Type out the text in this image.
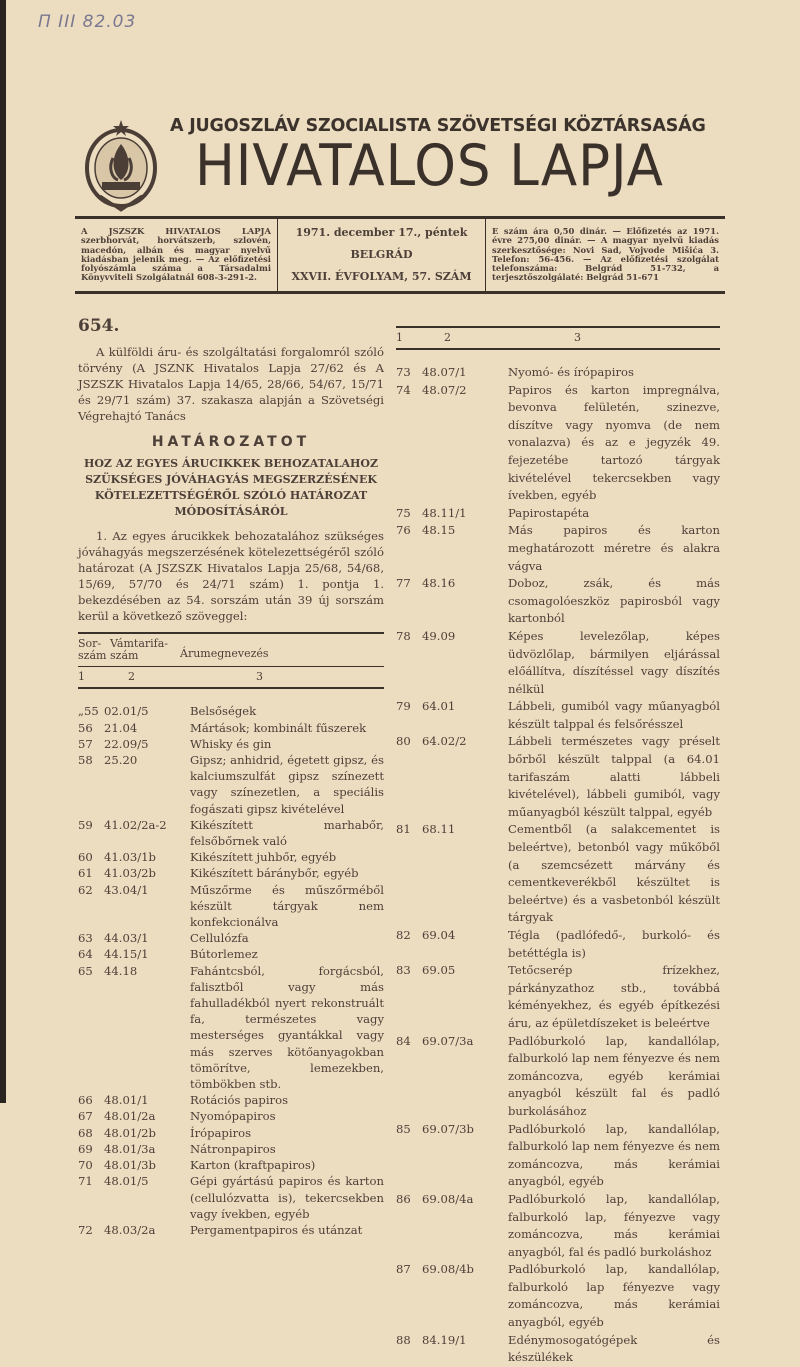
Π III 82.03
A JUGOSZLÁV SZOCIALISTA SZÖVETSÉGI KÖZTÁRSASÁG
HIVATALOS LAPJA
A JSZSZK HIVATALOS LAPJA szerbhorvát, horvátszerb, szlovén, macedón, albán és magyar nyelvű kiadásban jelenik meg. — Az előfizetési folyószámla száma a Társadalmi Könyvviteli Szolgálatnál 608-3-291-2.
1971. december 17., péntek
BELGRÁD
XXVII. ÉVFOLYAM, 57. SZÁM
E szám ára 0,50 dinár. — Előfizetés az 1971. évre 275,00 dinár. — A magyar nyelvű kiadás szerkesztősége: Novi Sad, Vojvode Mišića 3. Telefon: 56-456. — Az előfizetési szolgálat telefonszáma: Belgrád 51-732, a terjesztőszolgálaté: Belgrád 51-671
654.
A külföldi áru- és szolgáltatási forgalomról szóló törvény (A JSZNK Hivatalos Lapja 27/62 és A JSZSZK Hivatalos Lapja 14/65, 28/66, 54/67, 15/71 és 29/71 szám) 37. szakasza alapján a Szövetségi Végrehajtó Tanács
HATÁROZATOT
HOZ AZ EGYES ÁRUCIKKEK BEHOZATALAHOZ SZÜKSÉGES JÓVÁHAGYÁS MEGSZERZÉSÉNEK KÖTELEZETTSÉGÉRŐL SZÓLÓ HATÁROZAT MÓDOSÍTÁSÁRÓL
1. Az egyes árucikkek behozatalához szükséges jóváhagyás megszerzésének kötelezettségéről szóló határozat (A JSZSZK Hivatalos Lapja 25/68, 54/68, 15/69, 57/70 és 24/71 szám) 1. pontja 1. bekezdésében az 54. sorszám után 39 új sorszám kerül a következő szöveggel:
Sor- szám
Vámtarifa- szám	Árumegnevezés
1	2	3
„55 02.01/5	Belsőségek
56 21.04	Mártások; kombinált fűszerek
57 22.09/5	Whisky és gin
58 25.20	Gipsz; anhidrid, égetett gipsz, és kalciumszulfát gipsz színezett vagy színezetlen, a speciális fogászati gipsz kivételével
59 41.02/2a-2	Kikészített marhabőr, felsőbőrnek való
60 41.03/1b	Kikészített juhbőr, egyéb
61 41.03/2b	Kikészített báránybőr, egyéb
62 43.04/1	Műszőrme és műszőrméből készült tárgyak nem konfekcionálva
63 44.03/1	Cellulózfa
64 44.15/1	Bútorlemez
65 44.18	Fahántcsból, forgácsból, falisztből vagy más fahulladékból nyert rekonstruált fa, természetes vagy mesterséges gyantákkal vagy más szerves kötőanyagokban tömörítve, lemezekben, tömbökben stb.
66 48.01/1	Rotációs papiros
67 48.01/2a	Nyomópapiros
68 48.01/2b	Írópapiros
69 48.01/3a	Nátronpapiros
70 48.01/3b	Karton (kraftpapiros)
71 48.01/5	Gépi gyártású papiros és karton (cellulózvatta is), tekercsekben vagy ívekben, egyéb
72 48.03/2a	Pergamentpapiros és utánzat
1	2	3
73 48.07/1	Nyomó- és írópapiros
74 48.07/2	Papiros és karton impregnálva, bevonva felületén, szinezve, díszítve vagy nyomva (de nem vonalazva) és az e jegyzék 49. fejezetébe tartozó tárgyak kivételével tekercsekben vagy ívekben, egyéb
75 48.11/1	Papirostapéta
76 48.15	Más papiros és karton meghatározott méretre és alakra vágva
77 48.16	Doboz, zsák, és más csomagolóeszköz papirosból vagy kartonból
78 49.09	Képes levelezőlap, képes üdvözlőlap, bármilyen eljárással előállítva, díszítéssel vagy díszítés nélkül
79 64.01	Lábbeli, gumiból vagy műanyagból készült talppal és felsőrésszel
80 64.02/2	Lábbeli természetes vagy préselt bőrből készült talppal (a 64.01 tarifaszám alatti lábbeli kivételével), lábbeli gumiból, vagy műanyagból készült talppal, egyéb
81 68.11	Cementből (a salakcementet is beleértve), betonból vagy műkőből (a szemcsézett márvány és cementkeverékből készültet is beleértve) és a vasbetonból készült tárgyak
82 69.04	Tégla (padlófedő-, burkoló- és betéttégla is)
83 69.05	Tetőcserép frízekhez, párkányzathoz stb., továbbá kéményekhez, és egyéb építkezési áru, az épületdíszeket is beleértve
84 69.07/3a	Padlóburkoló lap, kandallólap, falburkoló lap nem fényezve és nem zománcozva, egyéb kerámiai anyagból készült fal és padló burkolásához
85 69.07/3b	Padlóburkoló lap, kandallólap, falburkoló lap nem fényezve és nem zománcozva, más kerámiai anyagból, egyéb
86 69.08/4a	Padlóburkoló lap, kandallólap, falburkoló lap, fényezve vagy zománcozva, más kerámiai anyagból, fal és padló burkoláshoz
87 69.08/4b	Padlóburkoló lap, kandallólap, falburkoló lap fényezve vagy zománcozva, más kerámiai anyagból, egyéb
88 84.19/1	Edénymosogatógépek és készülékek
